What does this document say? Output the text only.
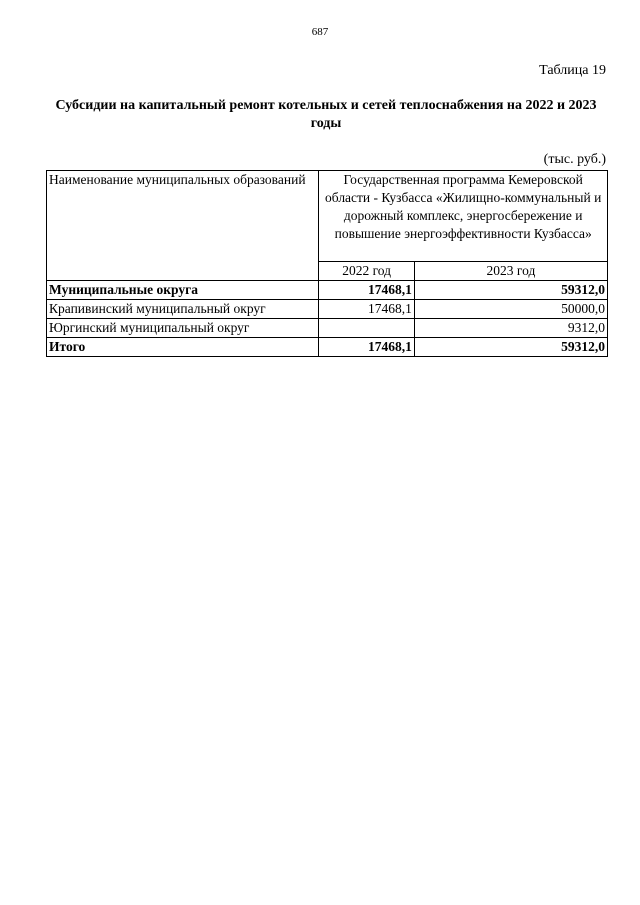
687
Таблица 19
Субсидии на капитальный ремонт котельных и сетей теплоснабжения на 2022 и 2023 годы
(тыс. руб.)
Наименование муниципальных образований	Государственная программа Кемеровской области - Кузбасса «Жилищно-коммунальный и дорожный комплекс, энергосбережение и повышение энергоэффективности Кузбасса»	
	2022 год	2023 год
Муниципальные округа	17468,1	59312,0
Крапивинский муниципальный округ	17468,1	50000,0
Юргинский муниципальный округ		9312,0
Итого	17468,1	59312,0
